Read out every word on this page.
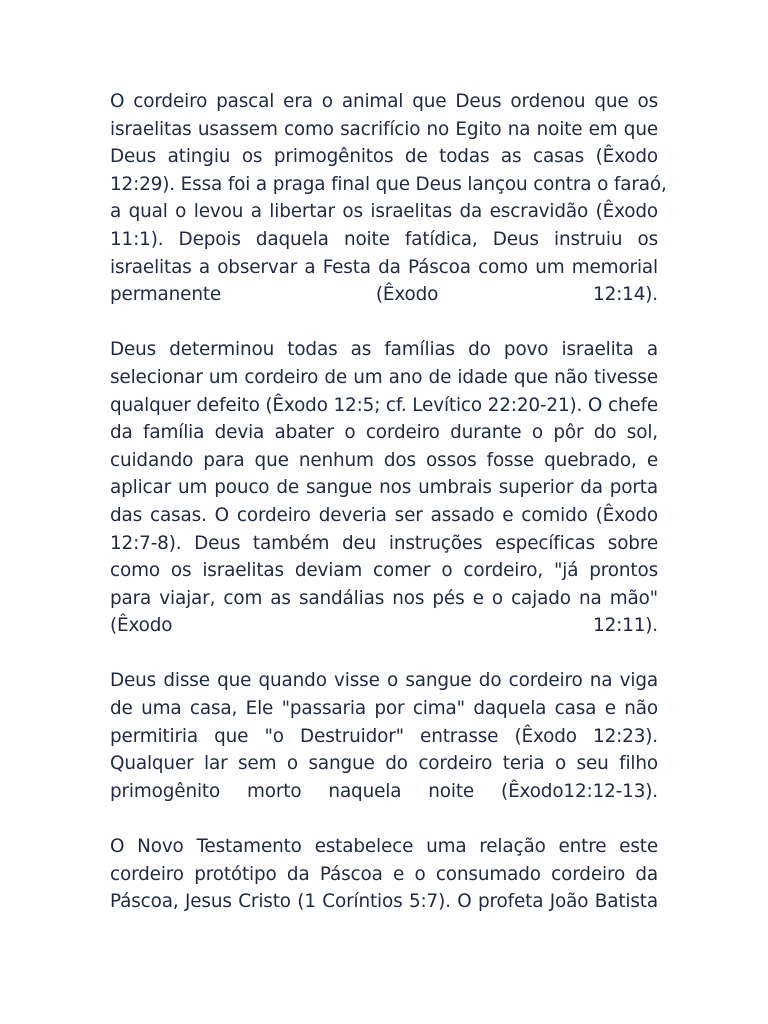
O cordeiro pascal era o animal que Deus ordenou que os
israelitas usassem como sacrifício no Egito na noite em que
Deus atingiu os primogênitos de todas as casas (Êxodo
12:29). Essa foi a praga final que Deus lançou contra o faraó,
a qual o levou a libertar os israelitas da escravidão (Êxodo
11:1). Depois daquela noite fatídica, Deus instruiu os
israelitas a observar a Festa da Páscoa como um memorial
permanente (Êxodo 12:14).
Deus determinou todas as famílias do povo israelita a
selecionar um cordeiro de um ano de idade que não tivesse
qualquer defeito (Êxodo 12:5; cf. Levítico 22:20-21). O chefe
da família devia abater o cordeiro durante o pôr do sol,
cuidando para que nenhum dos ossos fosse quebrado, e
aplicar um pouco de sangue nos umbrais superior da porta
das casas. O cordeiro deveria ser assado e comido (Êxodo
12:7-8). Deus também deu instruções específicas sobre
como os israelitas deviam comer o cordeiro, "já prontos
para viajar, com as sandálias nos pés e o cajado na mão"
(Êxodo 12:11).
Deus disse que quando visse o sangue do cordeiro na viga
de uma casa, Ele "passaria por cima" daquela casa e não
permitiria que "o Destruidor" entrasse (Êxodo 12:23).
Qualquer lar sem o sangue do cordeiro teria o seu filho
primogênito morto naquela noite (Êxodo12:12-13).
O Novo Testamento estabelece uma relação entre este
cordeiro protótipo da Páscoa e o consumado cordeiro da
Páscoa, Jesus Cristo (1 Coríntios 5:7). O profeta João Batista
